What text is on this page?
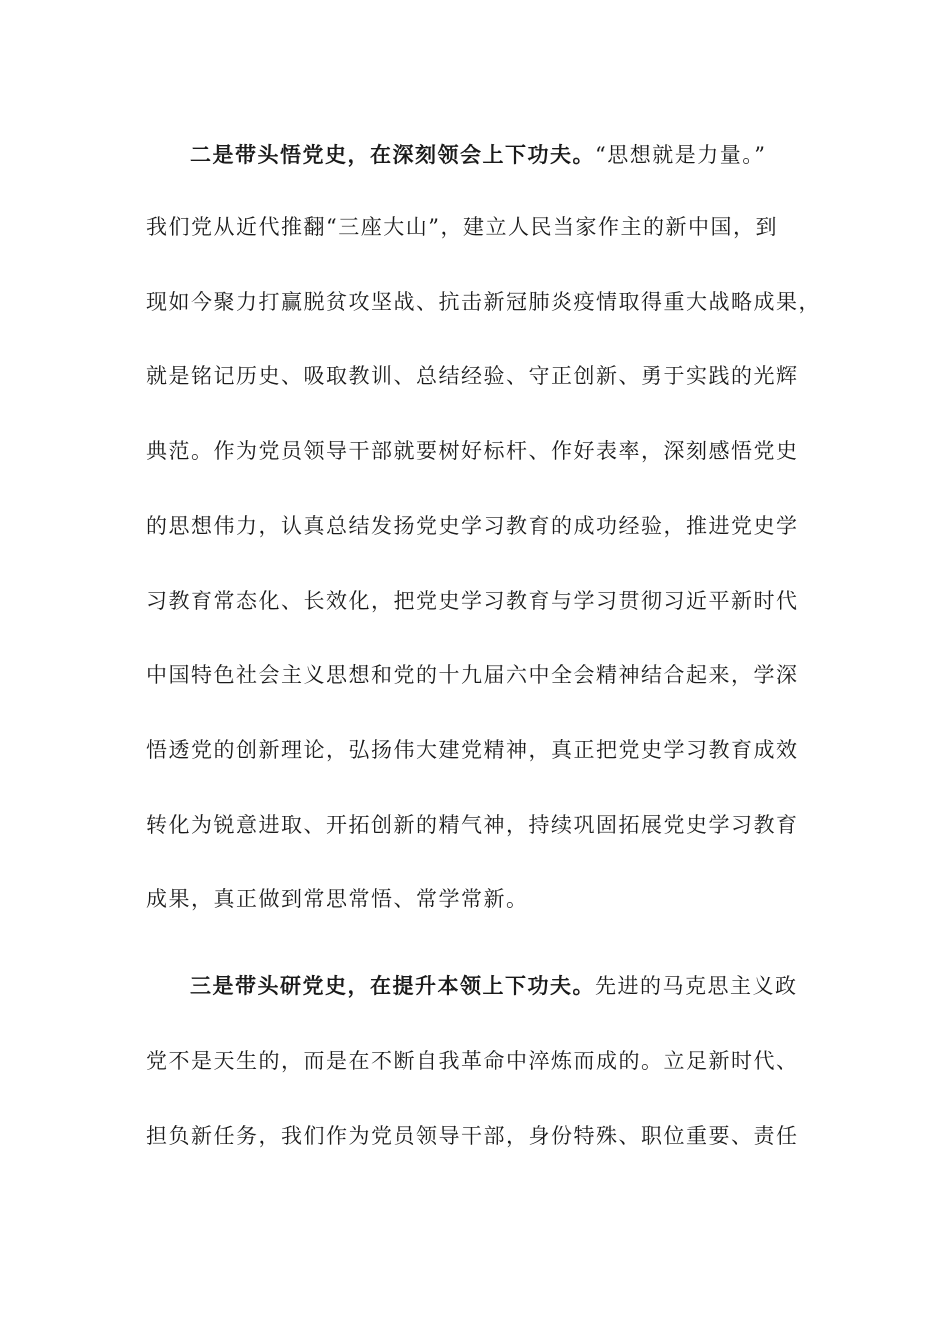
二是带头悟党史，在深刻领会上下功夫。“思想就是力量。”
我们党从近代推翻“三座大山”，建立人民当家作主的新中国，到
现如今聚力打赢脱贫攻坚战、抗击新冠肺炎疫情取得重大战略成果，
就是铭记历史、吸取教训、总结经验、守正创新、勇于实践的光辉
典范。作为党员领导干部就要树好标杆、作好表率，深刻感悟党史
的思想伟力，认真总结发扬党史学习教育的成功经验，推进党史学
习教育常态化、长效化，把党史学习教育与学习贯彻习近平新时代
中国特色社会主义思想和党的十九届六中全会精神结合起来，学深
悟透党的创新理论，弘扬伟大建党精神，真正把党史学习教育成效
转化为锐意进取、开拓创新的精气神，持续巩固拓展党史学习教育
成果，真正做到常思常悟、常学常新。
三是带头研党史，在提升本领上下功夫。先进的马克思主义政
党不是天生的，而是在不断自我革命中淬炼而成的。立足新时代、
担负新任务，我们作为党员领导干部，身份特殊、职位重要、责任
